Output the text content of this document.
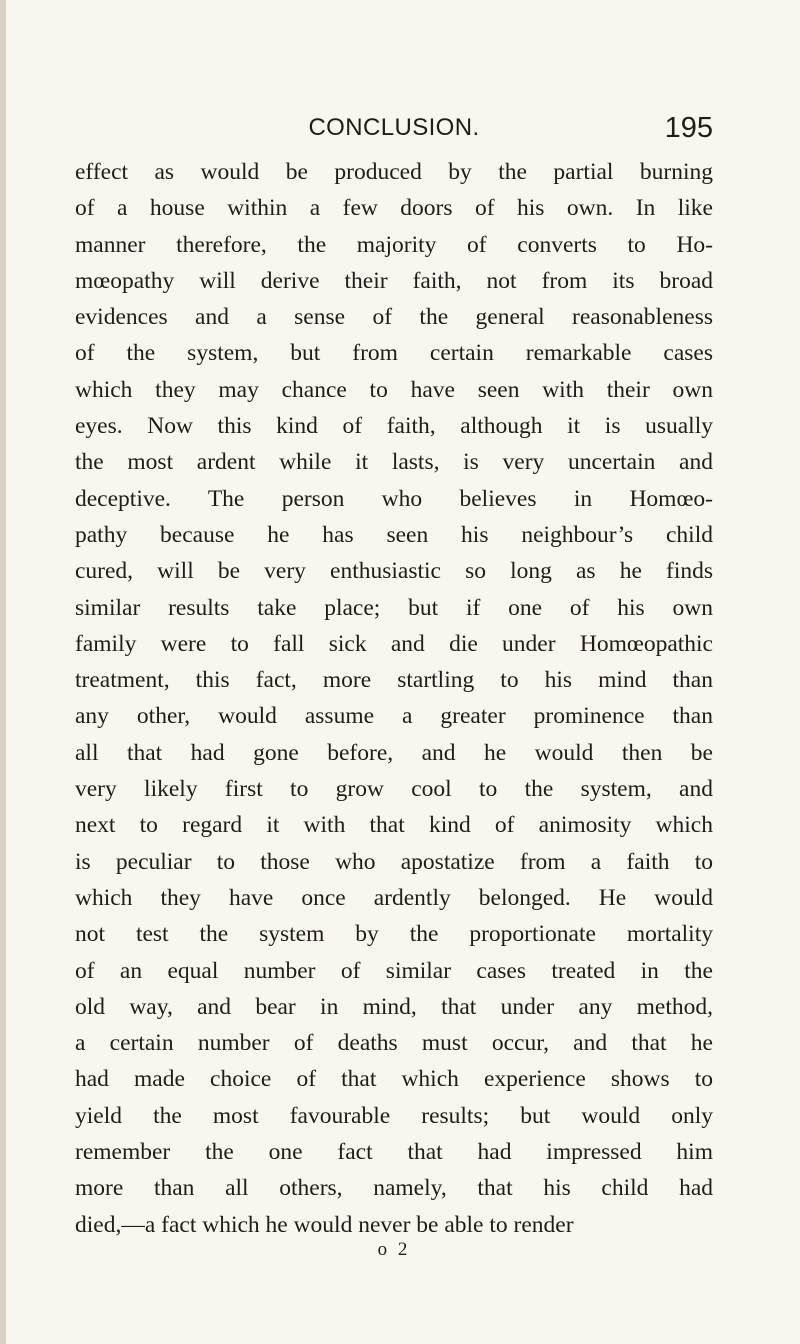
CONCLUSION.	195
effect as would be produced by the partial burning
of a house within a few doors of his own. In like
manner therefore, the majority of converts to Ho-
mœopathy will derive their faith, not from its broad
evidences and a sense of the general reasonableness
of the system, but from certain remarkable cases
which they may chance to have seen with their own
eyes. Now this kind of faith, although it is usually
the most ardent while it lasts, is very uncertain and
deceptive. The person who believes in Homœo-
pathy because he has seen his neighbour’s child
cured, will be very enthusiastic so long as he finds
similar results take place; but if one of his own
family were to fall sick and die under Homœopathic
treatment, this fact, more startling to his mind than
any other, would assume a greater prominence than
all that had gone before, and he would then be
very likely first to grow cool to the system, and
next to regard it with that kind of animosity which
is peculiar to those who apostatize from a faith to
which they have once ardently belonged. He would
not test the system by the proportionate mortality
of an equal number of similar cases treated in the
old way, and bear in mind, that under any method,
a certain number of deaths must occur, and that he
had made choice of that which experience shows to
yield the most favourable results; but would only
remember the one fact that had impressed him
more than all others, namely, that his child had
died,—a fact which he would never be able to render
o 2
